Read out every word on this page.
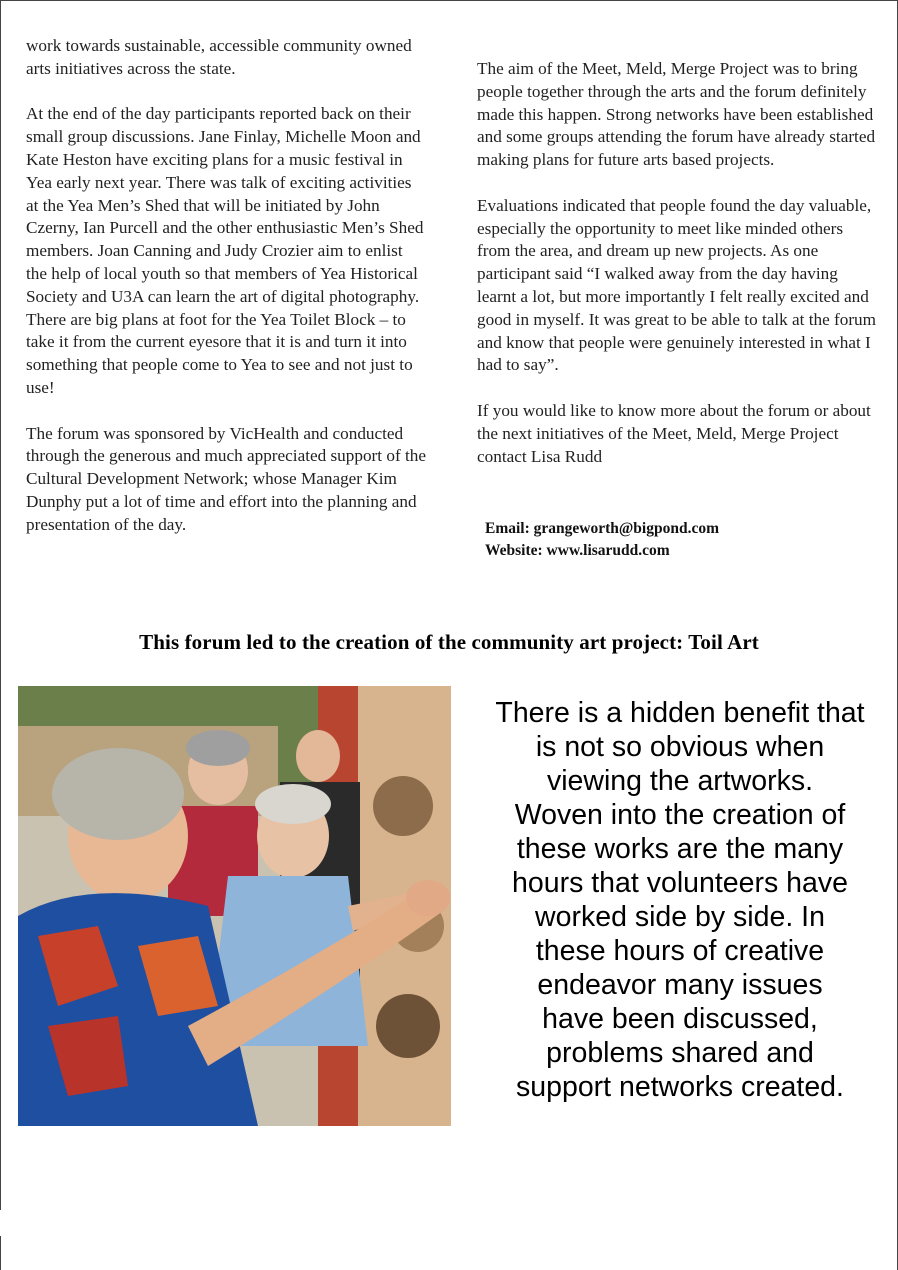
work towards sustainable, accessible community owned arts initiatives across the state.

At the end of the day participants reported back on their small group discussions. Jane Finlay, Michelle Moon and Kate Heston have exciting plans for a music festival in Yea early next year. There was talk of exciting activities at the Yea Men’s Shed that will be initiated by John Czerny, Ian Purcell and the other enthusiastic Men’s Shed members. Joan Canning and Judy Crozier aim to enlist the help of local youth so that members of Yea Historical Society and U3A can learn the art of digital photography. There are big plans at foot for the Yea Toilet Block – to take it from the current eyesore that it is and turn it into something that people come to Yea to see and not just to use!

The forum was sponsored by VicHealth and conducted through the generous and much appreciated support of the Cultural Development Network; whose Manager Kim Dunphy put a lot of time and effort into the planning and presentation of the day.

The aim of the Meet, Meld, Merge Project was to bring people together through the arts and the forum definitely made this happen. Strong networks have been established and some groups attending the forum have already started making plans for future arts based projects.

Evaluations indicated that people found the day valuable, especially the opportunity to meet like minded others from the area, and dream up new projects. As one participant said “I walked away from the day having learnt a lot, but more importantly I felt really excited and good in myself. It was great to be able to talk at the forum and know that people were genuinely interested in what I had to say”.

If you would like to know more about the forum or about the next initiatives of the Meet, Meld, Merge Project contact Lisa Rudd

Email: grangeworth@bigpond.com
Website: www.lisarudd.com
This forum led to the creation of the community art project: Toil Art
There is a hidden benefit that
is not so obvious when
viewing the artworks.
Woven into the creation of
these works are the many
hours that volunteers have
worked side by side. In
these hours of creative
endeavor many issues
have been discussed,
problems shared and
support networks created.
